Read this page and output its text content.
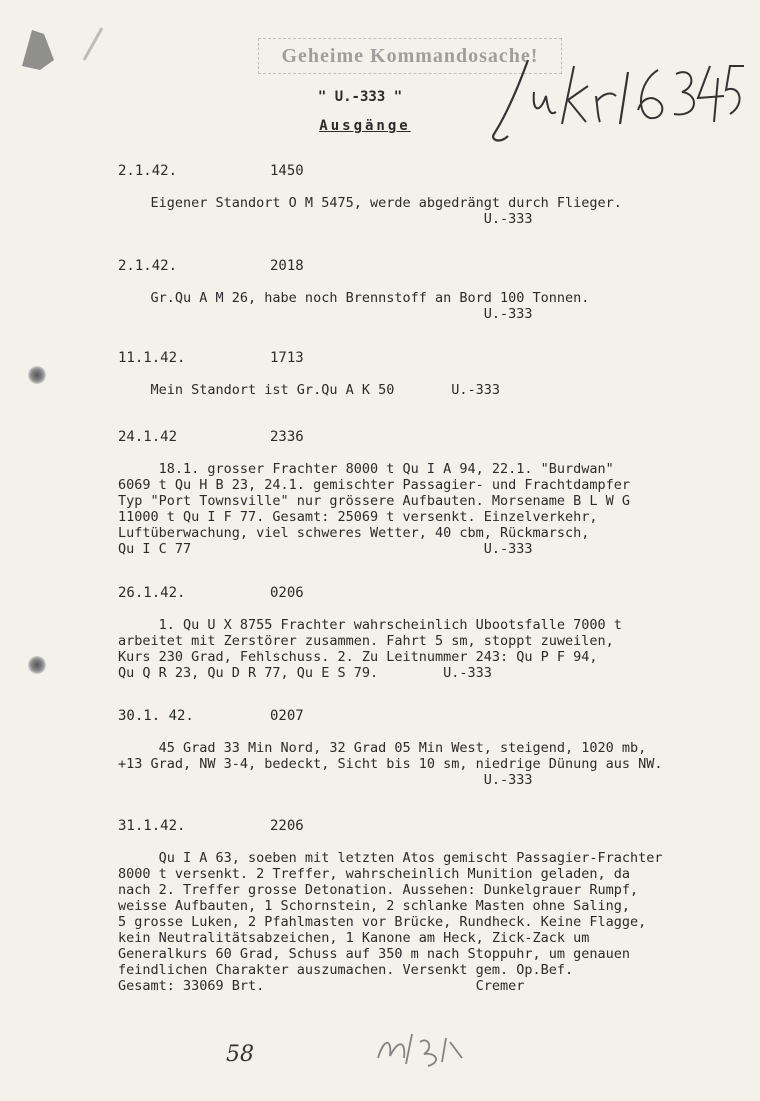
Geheime Kommandosache!
" U.-333 "
Ausgänge
2.1.42.	1450
Eigener Standort O M 5475, werde abgedrängt durch Flieger.
U.-333
2.1.42.	2018
Gr.Qu A M 26, habe noch Brennstoff an Bord 100 Tonnen.
U.-333
11.1.42.	1713
Mein Standort ist Gr.Qu A K 50       U.-333
24.1.42	2336
18.1. grosser Frachter 8000 t Qu I A 94, 22.1. "Burdwan"
6069 t Qu H B 23, 24.1. gemischter Passagier- und Frachtdampfer
Typ "Port Townsville" nur grössere Aufbauten. Morsename B L W G
11000 t Qu I F 77. Gesamt: 25069 t versenkt. Einzelverkehr,
Luftüberwachung, viel schweres Wetter, 40 cbm, Rückmarsch,
Qu I C 77                                    U.-333
26.1.42.	0206
1. Qu U X 8755 Frachter wahrscheinlich Ubootsfalle 7000 t
arbeitet mit Zerstörer zusammen. Fahrt 5 sm, stoppt zuweilen,
Kurs 230 Grad, Fehlschuss. 2. Zu Leitnummer 243: Qu P F 94,
Qu Q R 23, Qu D R 77, Qu E S 79.        U.-333
30.1. 42.	0207
45 Grad 33 Min Nord, 32 Grad 05 Min West, steigend, 1020 mb,
+13 Grad, NW 3-4, bedeckt, Sicht bis 10 sm, niedrige Dünung aus NW.
U.-333
31.1.42.	2206
Qu I A 63, soeben mit letzten Atos gemischt Passagier-Frachter
8000 t versenkt. 2 Treffer, wahrscheinlich Munition geladen, da
nach 2. Treffer grosse Detonation. Aussehen: Dunkelgrauer Rumpf,
weisse Aufbauten, 1 Schornstein, 2 schlanke Masten ohne Saling,
5 grosse Luken, 2 Pfahlmasten vor Brücke, Rundheck. Keine Flagge,
kein Neutralitätsabzeichen, 1 Kanone am Heck, Zick-Zack um
Generalkurs 60 Grad, Schuss auf 350 m nach Stoppuhr, um genauen
feindlichen Charakter auszumachen. Versenkt gem. Op.Bef.
Gesamt: 33069 Brt.                          Cremer
58
